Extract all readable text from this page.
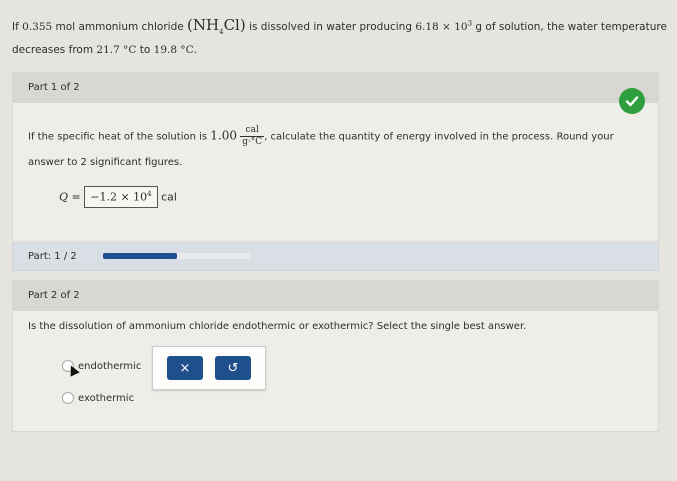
If 0.355 mol ammonium chloride $(NH_4Cl)$ is dissolved in water producing $6.18 \times 10^3$ g of solution, the water temperature
decreases from 21.7 °C to 19.8 °C.
Part 1 of 2
If the specific heat of the solution is 1.00 cal
g·°C , calculate the quantity of energy involved in the process. Round your
answer to 2 significant figures.
$Q = -1.2 \times 10^4$ cal
Part: 1 / 2
Part 2 of 2
Is the dissolution of ammonium chloride endothermic or exothermic? Select the single best answer.
endothermic
exothermic
×	↺
